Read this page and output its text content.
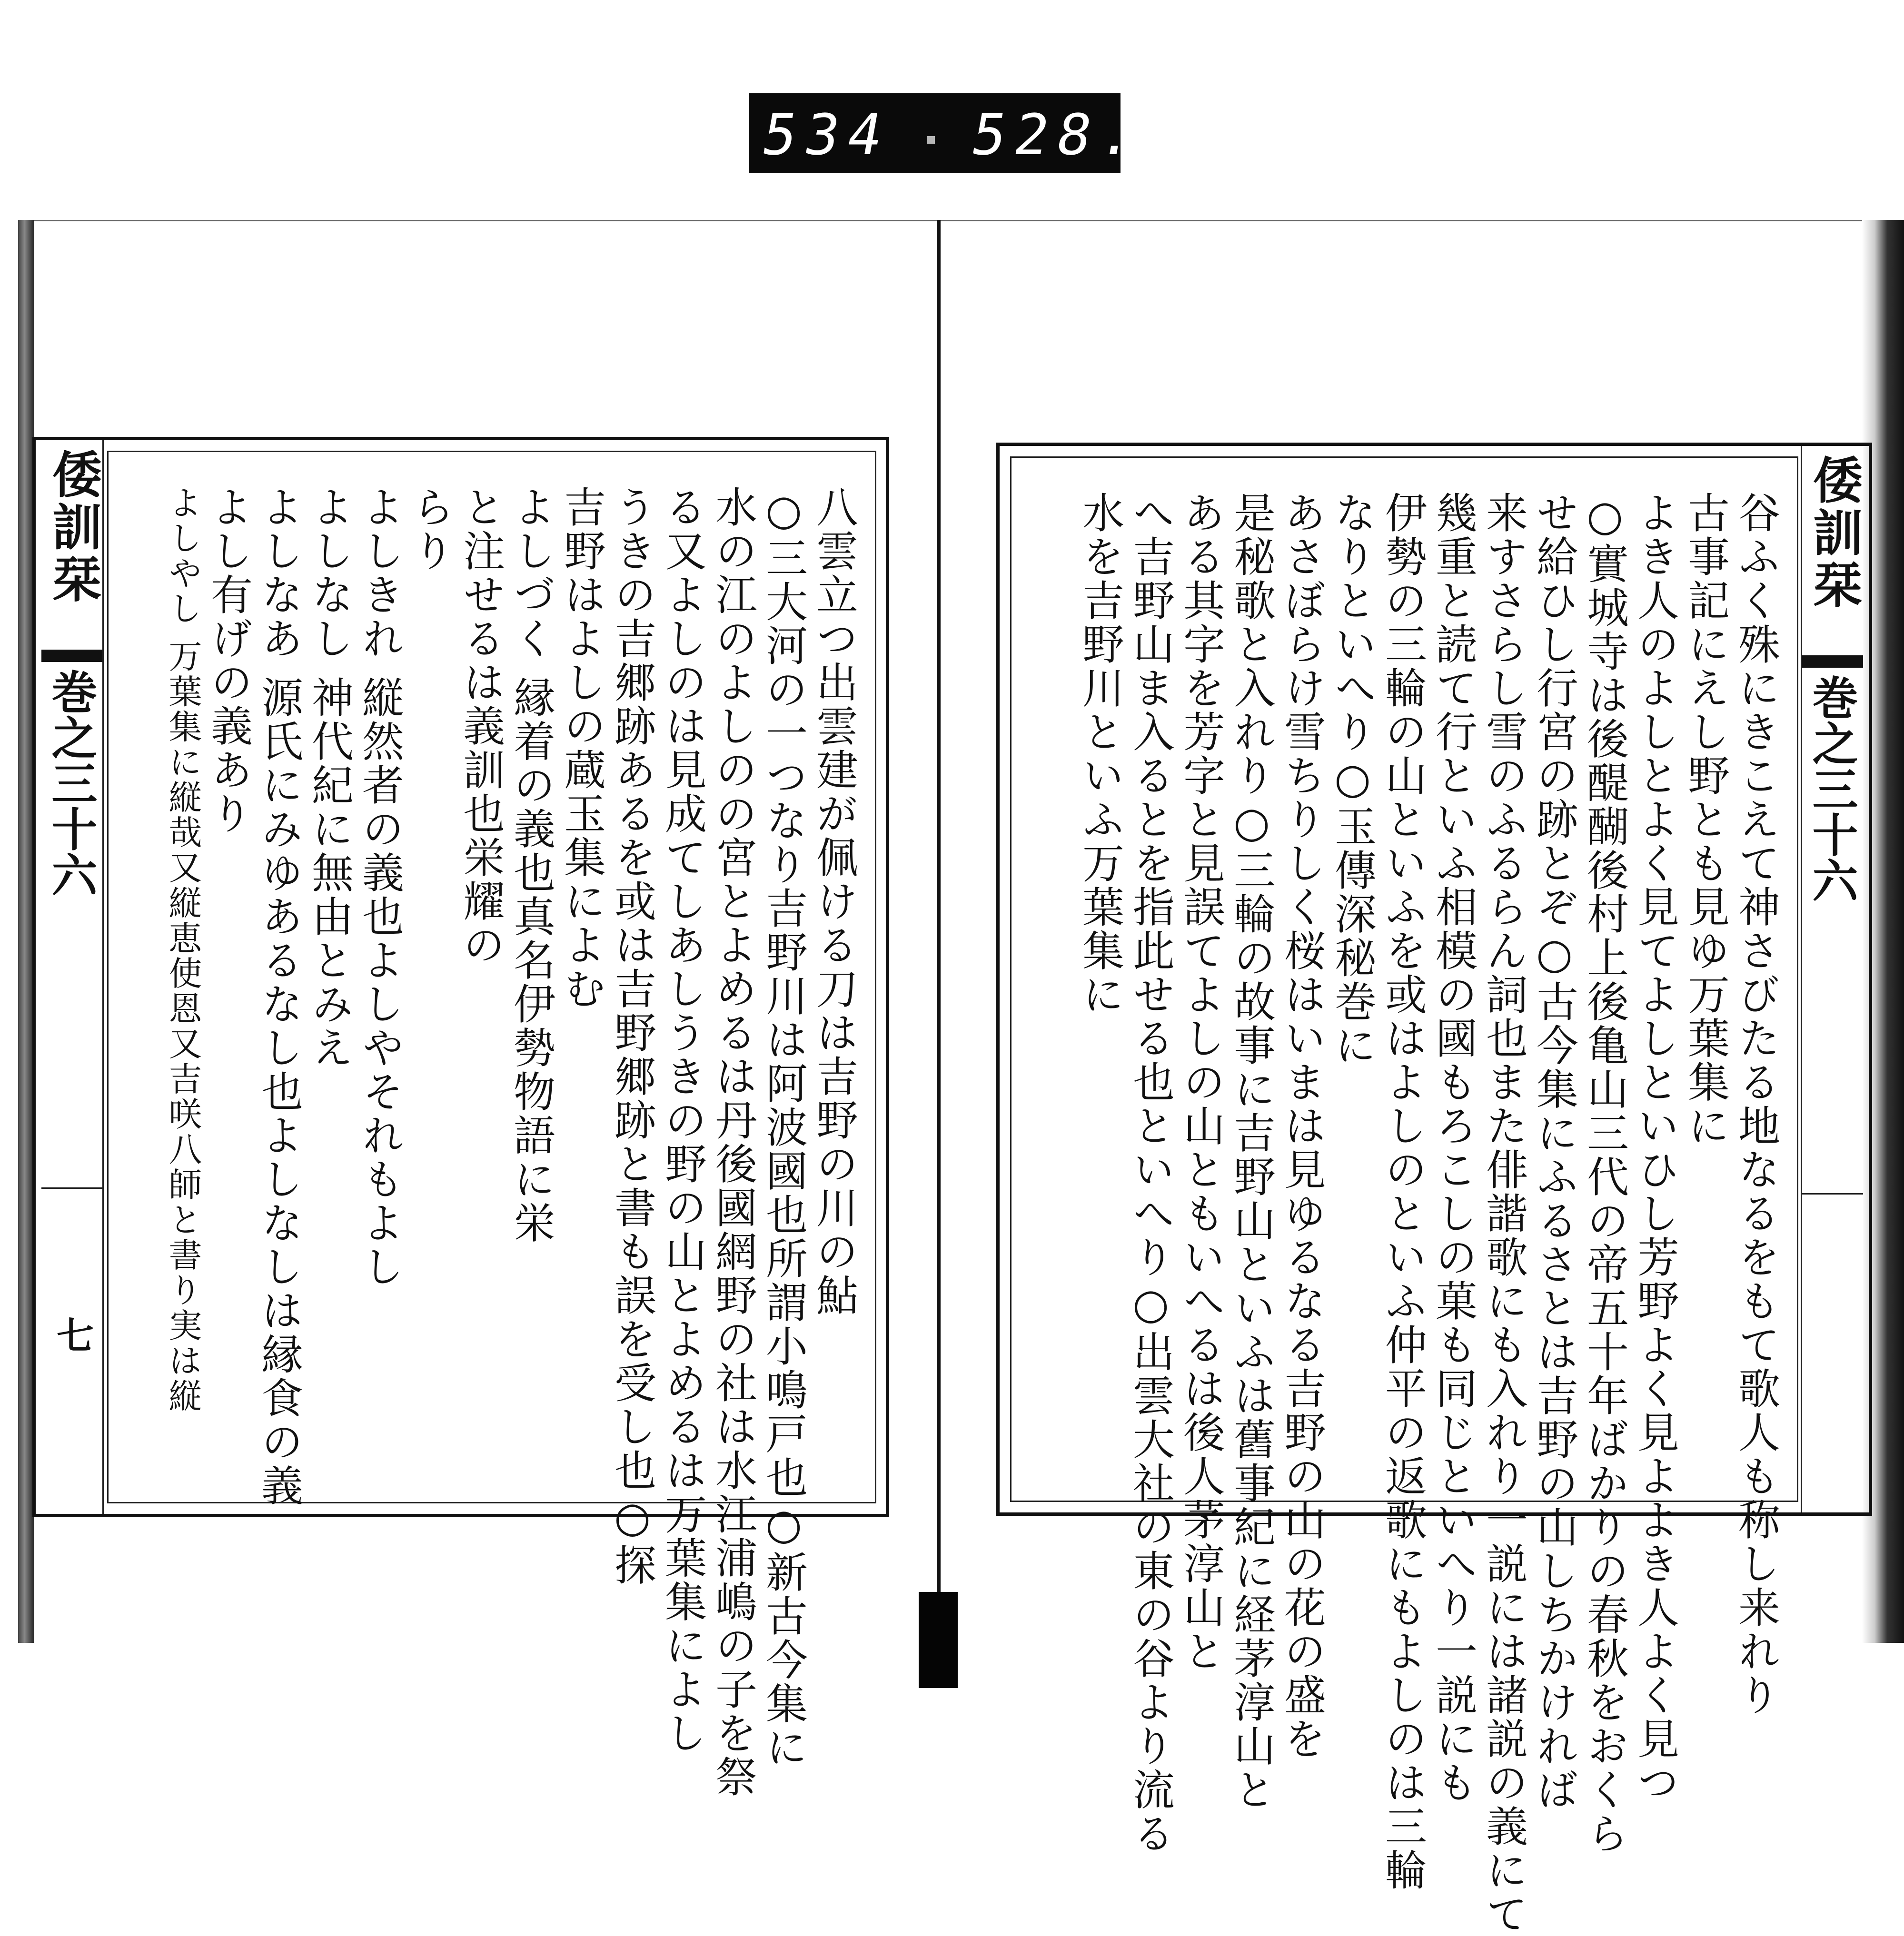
534 528.
倭訓栞
巻之三十六
七
八雲立つ出雲建が佩ける刀は吉野の川の鮎
○三大河の一つなり吉野川は阿波國也所謂小鳴戸也○新古今集に
水の江のよしのの宮とよめるは丹後國網野の社は水江浦嶋の子を祭
る又よしのは見成てしあしうきの野の山とよめるは万葉集によし
うきの吉郷跡あるを或は吉野郷跡と書も誤を受し也○探
吉野はよしの蔵玉集によむ
よしづく 縁着の義也真名伊勢物語に栄
と注せるは義訓也栄耀の
らり
よしきれ 縦然者の義也よしやそれもよし
よしなし 神代紀に無由とみえ
よしなあ 源氏にみゆあるなし也よしなしは縁食の義
よし有げの義あり
よしやし 万葉集に縦哉又縦恵使恩又吉咲八師と書り実は縦	倭訓栞
巻之三十六
谷ふく殊にきこえて神さびたる地なるをもて歌人も称し来れり
古事記にえし野とも見ゆ万葉集に
よき人のよしとよく見てよしといひし芳野よく見よよき人よく見つ
○實城寺は後醍醐後村上後亀山三代の帝五十年ばかりの春秋をおくら
せ給ひし行宮の跡とぞ○古今集にふるさとは吉野の山しちかければ
来すさらし雪のふるらん詞也また俳諧歌にも入れり一説には諸説の義にて
幾重と読て行といふ相模の國もろこしの菓も同じといへり一説にも
伊勢の三輪の山といふを或はよしのといふ仲平の返歌にもよしのは三輪
なりといへり○玉傳深秘巻に
あさぼらけ雪ちりしく桜はいまは見ゆるなる吉野の山の花の盛を
是秘歌と入れり○三輪の故事に吉野山といふは舊事紀に経茅淳山と
ある其字を芳字と見誤てよしの山ともいへるは後人茅淳山と
へ吉野山ま入るとを指此せる也といへり○出雲大社の東の谷より流る
水を吉野川といふ万葉集に
